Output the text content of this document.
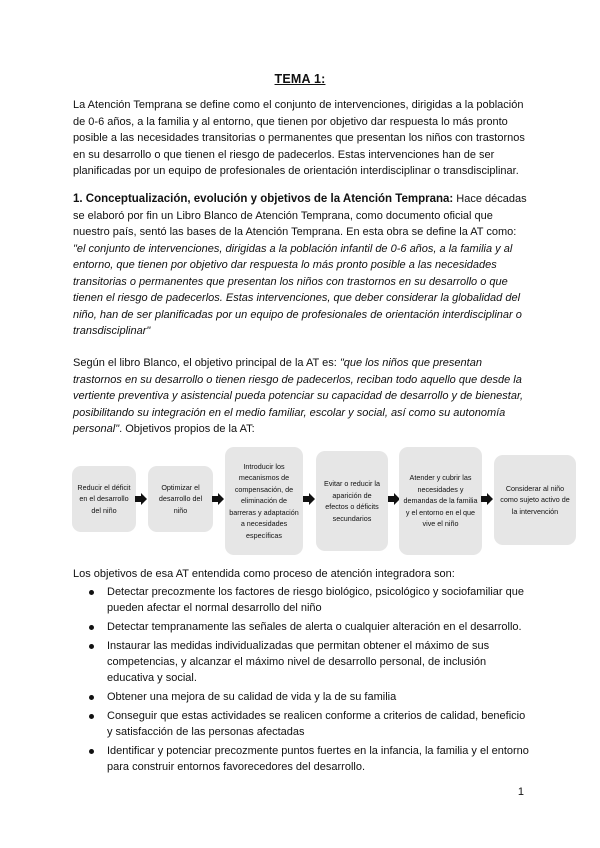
TEMA 1:
La Atención Temprana se define como el conjunto de intervenciones, dirigidas a la población de 0-6 años, a la familia y al entorno, que tienen por objetivo dar respuesta lo más pronto posible a las necesidades transitorias o permanentes que presentan los niños con trastornos en su desarrollo o que tienen el riesgo de padecerlos. Estas intervenciones han de ser planificadas por un equipo de profesionales de orientación interdisciplinar o transdisciplinar.
1. Conceptualización, evolución y objetivos de la Atención Temprana: Hace décadas se elaboró por fin un Libro Blanco de Atención Temprana, como documento oficial que nuestro país, sentó las bases de la Atención Temprana. En esta obra se define la AT como: "el conjunto de intervenciones, dirigidas a la población infantil de 0-6 años, a la familia y al entorno, que tienen por objetivo dar respuesta lo más pronto posible a las necesidades transitorias o permanentes que presentan los niños con trastornos en su desarrollo o que tienen el riesgo de padecerlos. Estas intervenciones, que deber considerar la globalidad del niño, han de ser planificadas por un equipo de profesionales de orientación interdisciplinar o transdisciplinar"
Según el libro Blanco, el objetivo principal de la AT es: "que los niños que presentan trastornos en su desarrollo o tienen riesgo de padecerlos, reciban todo aquello que desde la vertiente preventiva y asistencial pueda potenciar su capacidad de desarrollo y de bienestar, posibilitando su integración en el medio familiar, escolar y social, así como su autonomía personal". Objetivos propios de la AT:
Reducir el déficit en el desarrollo del niño
Optimizar el desarrollo del niño
Introducir los mecanismos de compensación, de eliminación de barreras y adaptación a necesidades específicas
Evitar o reducir la aparición de efectos o déficits secundarios
Atender y cubrir las necesidades y demandas de la familia y el entorno en el que vive el niño
Considerar al niño como sujeto activo de la intervención
Los objetivos de esa AT entendida como proceso de atención integradora son:
Detectar precozmente los factores de riesgo biológico, psicológico y sociofamiliar que pueden afectar el normal desarrollo del niño
Detectar tempranamente las señales de alerta o cualquier alteración en el desarrollo.
Instaurar las medidas individualizadas que permitan obtener el máximo de sus competencias, y alcanzar el máximo nivel de desarrollo personal, de inclusión educativa y social.
Obtener una mejora de su calidad de vida y la de su familia
Conseguir que estas actividades se realicen conforme a criterios de calidad, beneficio y satisfacción de las personas afectadas
Identificar y potenciar precozmente puntos fuertes en la infancia, la familia y el entorno para construir entornos favorecedores del desarrollo.
1
